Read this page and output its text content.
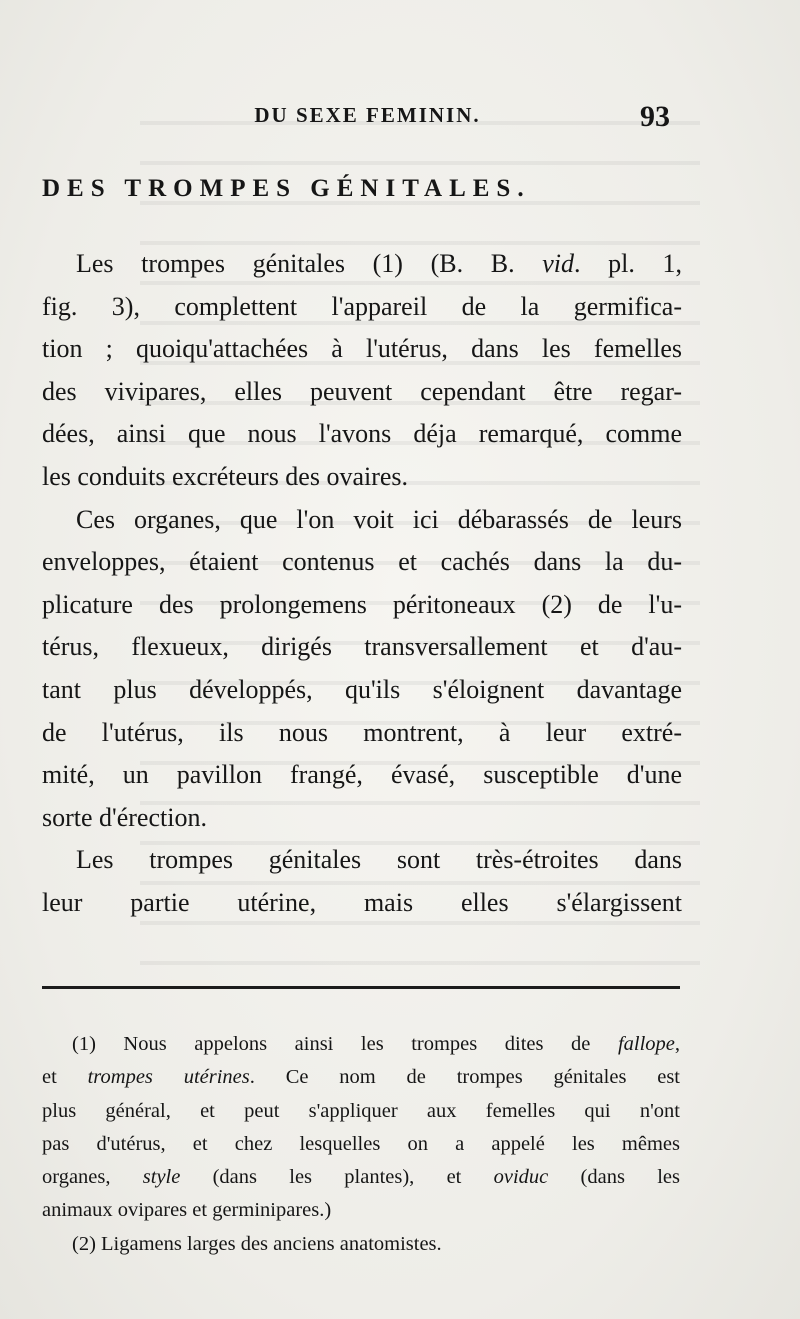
DU SEXE FEMININ.	93
DES TROMPES GÉNITALES.

Les trompes génitales (1) (B. B. vid. pl. 1,
fig. 3), complettent l'appareil de la germifica-
tion ; quoiqu'attachées à l'utérus, dans les femelles
des vivipares, elles peuvent cependant être regar-
dées, ainsi que nous l'avons déja remarqué, comme
les conduits excréteurs des ovaires.

Ces organes, que l'on voit ici débarassés de leurs
enveloppes, étaient contenus et cachés dans la du-
plicature des prolongemens péritoneaux (2) de l'u-
térus, flexueux, dirigés transversallement et d'au-
tant plus développés, qu'ils s'éloignent davantage
de l'utérus, ils nous montrent, à leur extré-
mité, un pavillon frangé, évasé, susceptible d'une
sorte d'érection.

Les trompes génitales sont très-étroites dans
leur partie utérine, mais elles s'élargissent

(1) Nous appelons ainsi les trompes dites de fallope,
et trompes utérines. Ce nom de trompes génitales est
plus général, et peut s'appliquer aux femelles qui n'ont
pas d'utérus, et chez lesquelles on a appelé les mêmes
organes, style (dans les plantes), et oviduc (dans les
animaux ovipares et germinipares.)
(2) Ligamens larges des anciens anatomistes.
